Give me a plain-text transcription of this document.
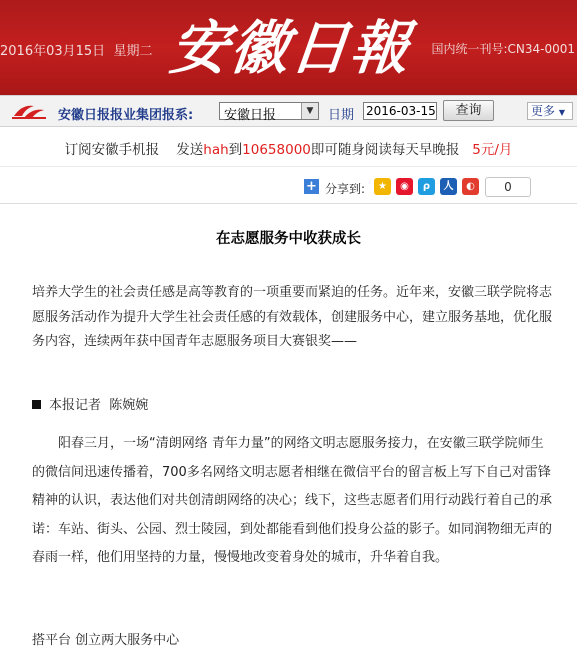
2016年03月15日 星期二 安徽日報 国内统一刊号:CN34-0001
安徽日报报业集团报系: 安徽日报	▼	日期 2016-03-15	查询	更多 ▼
订阅安徽手机报 发送hah到10658000即可随身阅读每天早晚报 5元/月
+ 分享到:	★	◉	ρ	人	◐	0
在志愿服务中收获成长
培养大学生的社会责任感是高等教育的一项重要而紧迫的任务。近年来，安徽三联学院将志愿服务活动作为提升大学生社会责任感的有效载体，创建服务中心，建立服务基地，优化服务内容，连续两年获中国青年志愿服务项目大赛银奖——
本报记者  陈婉婉
阳春三月，一场“清朗网络 青年力量”的网络文明志愿服务接力，在安徽三联学院师生的微信间迅速传播着，700多名网络文明志愿者相继在微信平台的留言板上写下自己对雷锋精神的认识，表达他们对共创清朗网络的决心；线下，这些志愿者们用行动践行着自己的承诺：车站、街头、公园、烈士陵园，到处都能看到他们投身公益的影子。如同润物细无声的春雨一样，他们用坚持的力量，慢慢地改变着身处的城市，升华着自我。
搭平台 创立两大服务中心
